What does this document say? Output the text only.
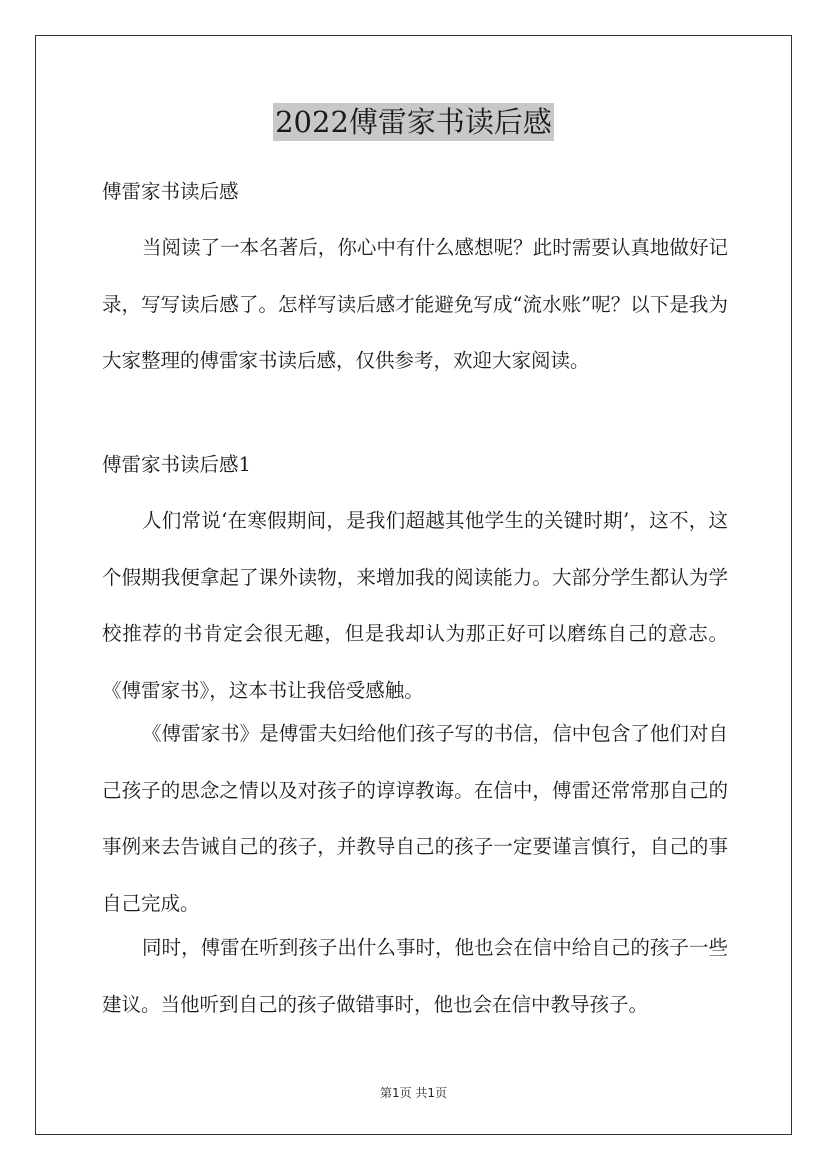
2022傅雷家书读后感

傅雷家书读后感

当阅读了一本名著后，你心中有什么感想呢？此时需要认真地做好记录，写写读后感了。怎样写读后感才能避免写成“流水账”呢？以下是我为大家整理的傅雷家书读后感，仅供参考，欢迎大家阅读。

傅雷家书读后感1

人们常说‘在寒假期间，是我们超越其他学生的关键时期’，这不，这个假期我便拿起了课外读物，来增加我的阅读能力。大部分学生都认为学校推荐的书肯定会很无趣，但是我却认为那正好可以磨练自己的意志。《傅雷家书》，这本书让我倍受感触。

《傅雷家书》是傅雷夫妇给他们孩子写的书信，信中包含了他们对自己孩子的思念之情以及对孩子的谆谆教诲。在信中，傅雷还常常那自己的事例来去告诫自己的孩子，并教导自己的孩子一定要谨言慎行，自己的事自己完成。

同时，傅雷在听到孩子出什么事时，他也会在信中给自己的孩子一些建议。当他听到自己的孩子做错事时，他也会在信中教导孩子。

第1页 共1页
